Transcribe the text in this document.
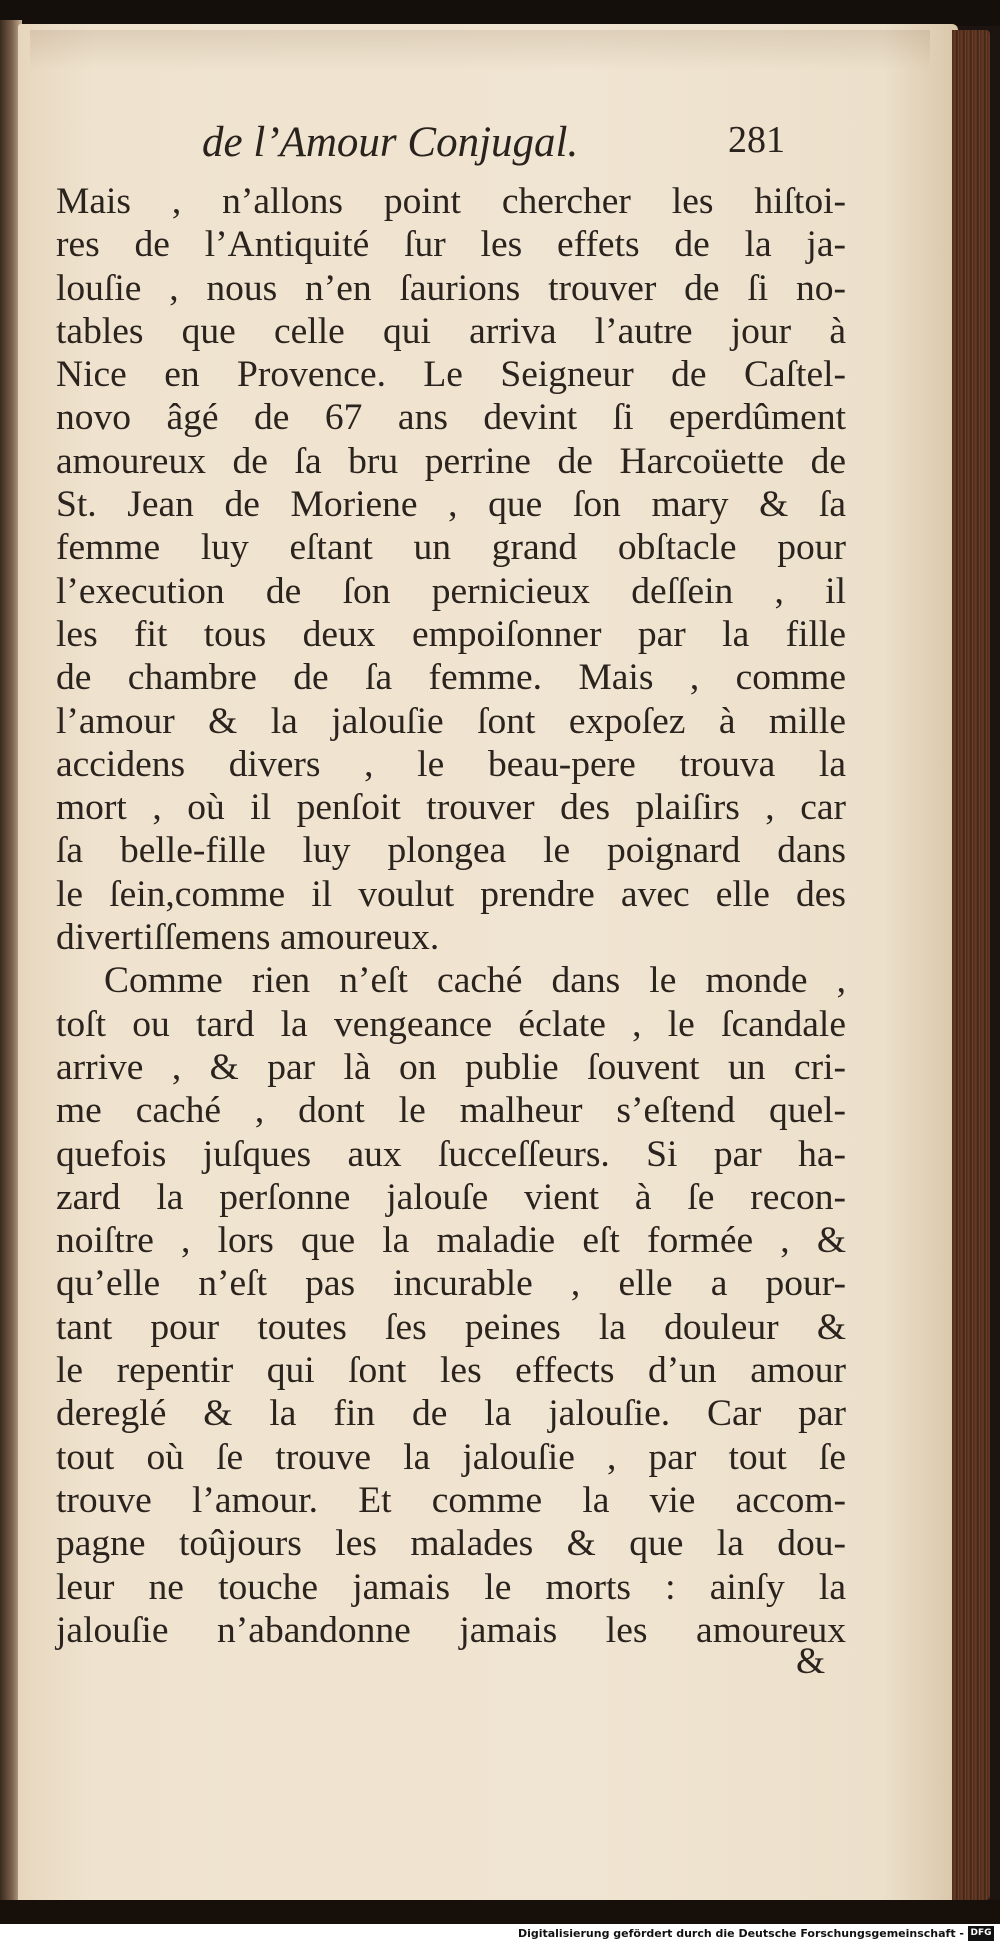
de l’Amour Conjugal.	281
Mais , n’allons point chercher les hiſtoi-
res de l’Antiquité ſur les effets de la ja-
louſie , nous n’en ſaurions trouver de ſi no-
tables que celle qui arriva l’autre jour à
Nice en Provence. Le Seigneur de Caſtel-
novo âgé de 67 ans devint ſi eperdûment
amoureux de ſa bru perrine de Harcoüette de
St. Jean de Moriene , que ſon mary & ſa
femme luy eſtant un grand obſtacle pour
l’execution de ſon pernicieux deſſein , il
les fit tous deux empoiſonner par la fille
de chambre de ſa femme. Mais , comme
l’amour & la jalouſie ſont expoſez à mille
accidens divers , le beau-pere trouva la
mort , où il penſoit trouver des plaiſirs , car
ſa belle-fille luy plongea le poignard dans
le ſein,comme il voulut prendre avec elle des
divertiſſemens amoureux.
Comme rien n’eſt caché dans le monde ,
toſt ou tard la vengeance éclate , le ſcandale
arrive , & par là on publie ſouvent un cri-
me caché , dont le malheur s’eſtend quel-
quefois juſques aux ſucceſſeurs. Si par ha-
zard la perſonne jalouſe vient à ſe recon-
noiſtre , lors que la maladie eſt formée , &
qu’elle n’eſt pas incurable , elle a pour-
tant pour toutes ſes peines la douleur &
le repentir qui ſont les effects d’un amour
dereglé & la fin de la jalouſie. Car par
tout où ſe trouve la jalouſie , par tout ſe
trouve l’amour. Et comme la vie accom-
pagne toûjours les malades & que la dou-
leur ne touche jamais le morts : ainſy la
jalouſie n’abandonne jamais les amoureux
&
Digitalisierung gefördert durch die Deutsche Forschungsgemeinschaft - DFG
